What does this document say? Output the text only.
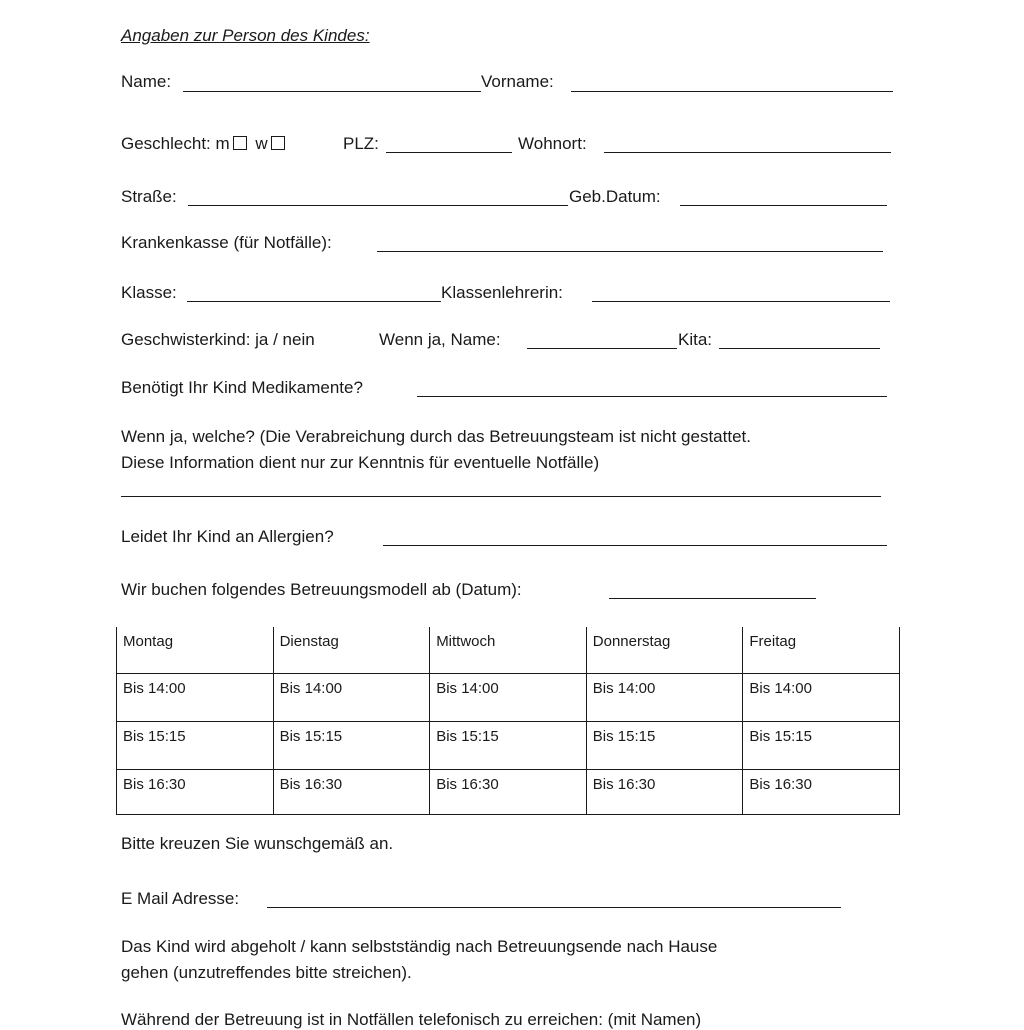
Angaben zur Person des Kindes:
Name:	Vorname:
Geschlecht: m w	PLZ:	Wohnort:
Straße:	Geb.Datum:
Krankenkasse (für Notfälle):
Klasse:	Klassenlehrerin:
Geschwisterkind: ja / nein	Wenn ja, Name:	Kita:
Benötigt Ihr Kind Medikamente?
Wenn ja, welche? (Die Verabreichung durch das Betreuungsteam ist nicht gestattet.
Diese Information dient nur zur Kenntnis für eventuelle Notfälle)
Leidet Ihr Kind an Allergien?
Wir buchen folgendes Betreuungsmodell ab (Datum):
Montag	Dienstag	Mittwoch	Donnerstag	Freitag
Bis 14:00	Bis 14:00	Bis 14:00	Bis 14:00	Bis 14:00
Bis 15:15	Bis 15:15	Bis 15:15	Bis 15:15	Bis 15:15
Bis 16:30	Bis 16:30	Bis 16:30	Bis 16:30	Bis 16:30
Bitte kreuzen Sie wunschgemäß an.
E Mail Adresse:
Das Kind wird abgeholt / kann selbstständig nach Betreuungsende nach Hause
gehen (unzutreffendes bitte streichen).
Während der Betreuung ist in Notfällen telefonisch zu erreichen: (mit Namen)
